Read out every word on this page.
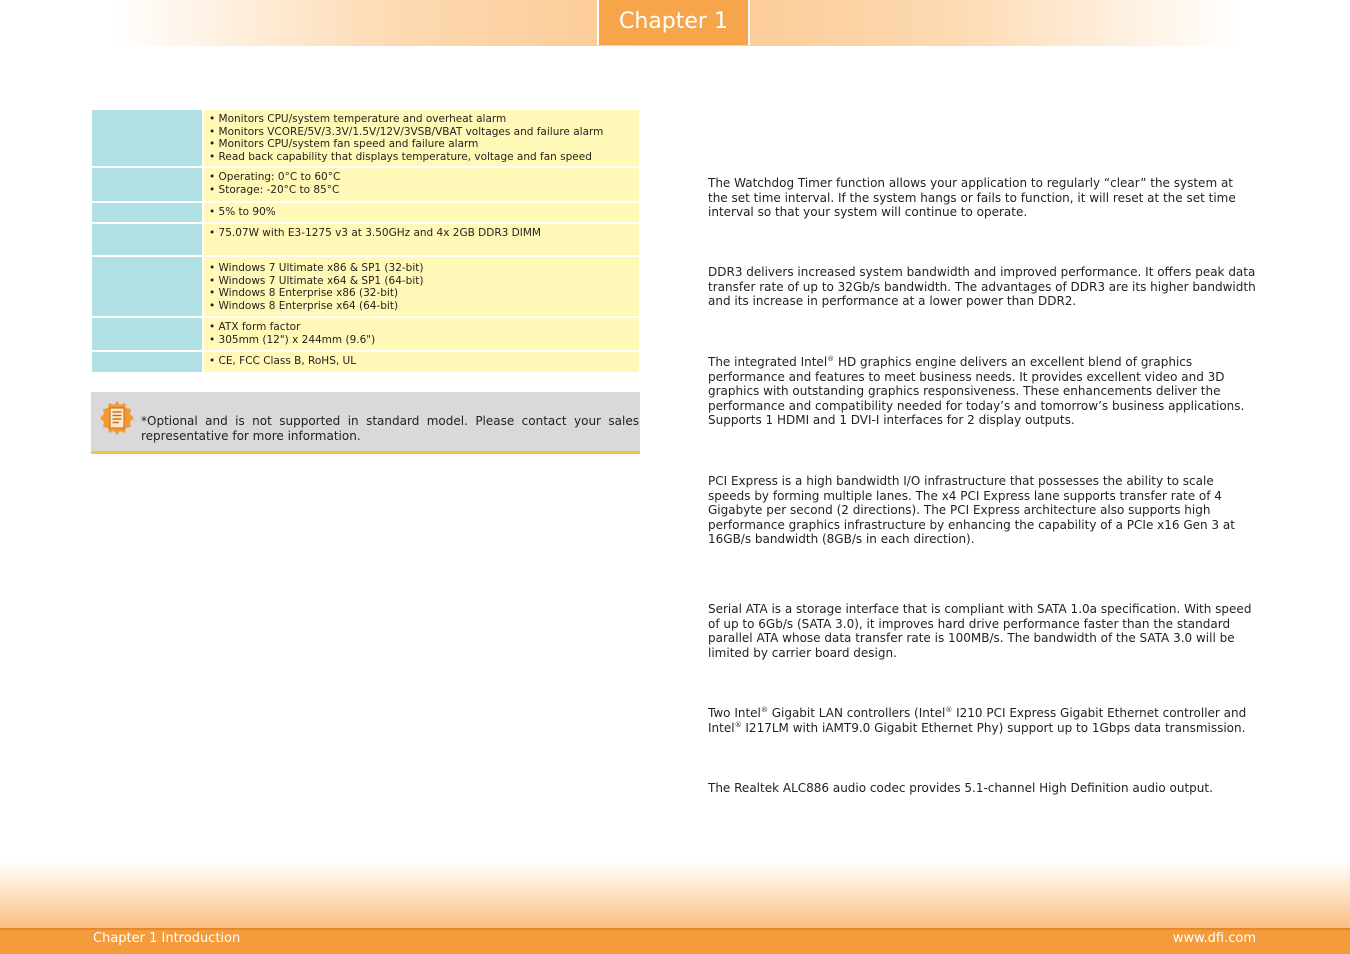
Chapter 1

	• Monitors CPU/system temperature and overheat alarm
• Monitors VCORE/5V/3.3V/1.5V/12V/3VSB/VBAT voltages and failure alarm
• Monitors CPU/system fan speed and failure alarm
• Read back capability that displays temperature, voltage and fan speed

	• Operating: 0°C to 60°C
• Storage: -20°C to 85°C

	• 5% to 90%

	• 75.07W with E3-1275 v3 at 3.50GHz and 4x 2GB DDR3 DIMM

	• Windows 7 Ultimate x86 & SP1 (32-bit)
• Windows 7 Ultimate x64 & SP1 (64-bit)
• Windows 8 Enterprise x86 (32-bit)
• Windows 8 Enterprise x64 (64-bit)

	• ATX form factor
• 305mm (12") x 244mm (9.6")

	• CE, FCC Class B, RoHS, UL
*Optional and is not supported in standard model. Please contact your sales representative for more information.
The Watchdog Timer function allows your application to regularly “clear” the system at the set time interval. If the system hangs or fails to function, it will reset at the set time interval so that your system will continue to operate.
DDR3 delivers increased system bandwidth and improved performance. It offers peak data transfer rate of up to 32Gb/s bandwidth. The advantages of DDR3 are its higher bandwidth and its increase in performance at a lower power than DDR2.
The integrated Intel® HD graphics engine delivers an excellent blend of graphics performance and features to meet business needs. It provides excellent video and 3D graphics with outstanding graphics responsiveness. These enhancements deliver the performance and compatibility needed for today’s and tomorrow’s business applications. Supports 1 HDMI and 1 DVI-I interfaces for 2 display outputs.
PCI Express is a high bandwidth I/O infrastructure that possesses the ability to scale speeds by forming multiple lanes. The x4 PCI Express lane supports transfer rate of 4 Gigabyte per second (2 directions). The PCI Express architecture also supports high performance graphics infrastructure by enhancing the capability of a PCIe x16 Gen 3 at 16GB/s bandwidth (8GB/s in each direction).
Serial ATA is a storage interface that is compliant with SATA 1.0a specification. With speed of up to 6Gb/s (SATA 3.0), it improves hard drive performance faster than the standard parallel ATA whose data transfer rate is 100MB/s. The bandwidth of the SATA 3.0 will be limited by carrier board design.
Two Intel® Gigabit LAN controllers (Intel® I210 PCI Express Gigabit Ethernet controller and Intel® I217LM with iAMT9.0 Gigabit Ethernet Phy) support up to 1Gbps data transmission.
The Realtek ALC886 audio codec provides 5.1-channel High Definition audio output.
Chapter 1 Introduction	www.dfi.com
